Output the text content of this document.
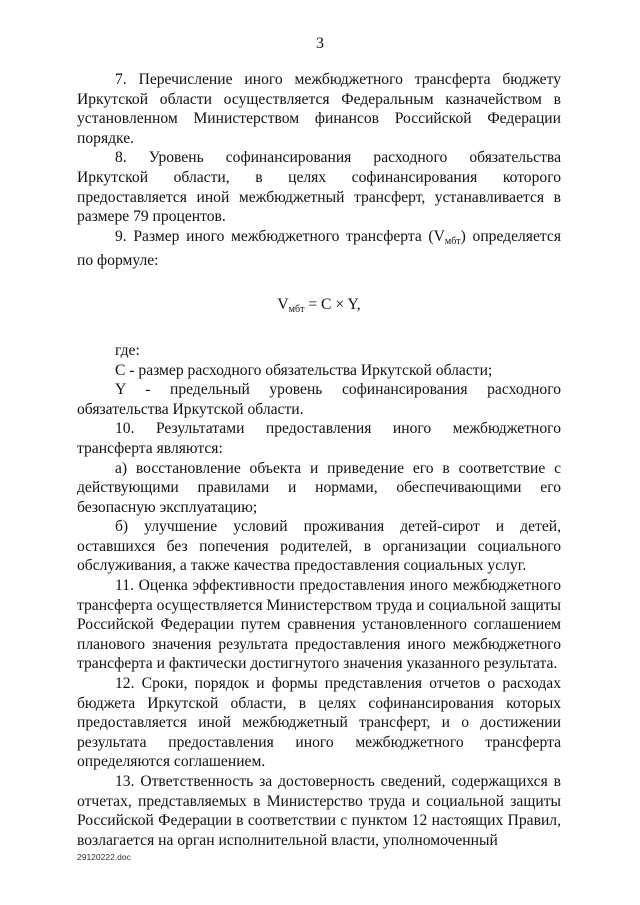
3

7. Перечисление иного межбюджетного трансферта бюджету Иркутской области осуществляется Федеральным казначейством в установленном Министерством финансов Российской Федерации порядке.

8. Уровень софинансирования расходного обязательства Иркутской области, в целях софинансирования которого предоставляется иной межбюджетный трансферт, устанавливается в размере 79 процентов.

9. Размер иного межбюджетного трансферта (Vмбт) определяется по формуле:

$V_{мбт} = C \times Y$,

где:

C - размер расходного обязательства Иркутской области;

Y - предельный уровень софинансирования расходного обязательства Иркутской области.

10. Результатами предоставления иного межбюджетного трансферта являются:

а) восстановление объекта и приведение его в соответствие с действующими правилами и нормами, обеспечивающими его безопасную эксплуатацию;

б) улучшение условий проживания детей-сирот и детей, оставшихся без попечения родителей, в организации социального обслуживания, а также качества предоставления социальных услуг.

11. Оценка эффективности предоставления иного межбюджетного трансферта осуществляется Министерством труда и социальной защиты Российской Федерации путем сравнения установленного соглашением планового значения результата предоставления иного межбюджетного трансферта и фактически достигнутого значения указанного результата.

12. Сроки, порядок и формы представления отчетов о расходах бюджета Иркутской области, в целях софинансирования которых предоставляется иной межбюджетный трансферт, и о достижении результата предоставления иного межбюджетного трансферта определяются соглашением.

13. Ответственность за достоверность сведений, содержащихся в отчетах, представляемых в Министерство труда и социальной защиты Российской Федерации в соответствии с пунктом 12 настоящих Правил, возлагается на орган исполнительной власти, уполномоченный

29120222.doc
